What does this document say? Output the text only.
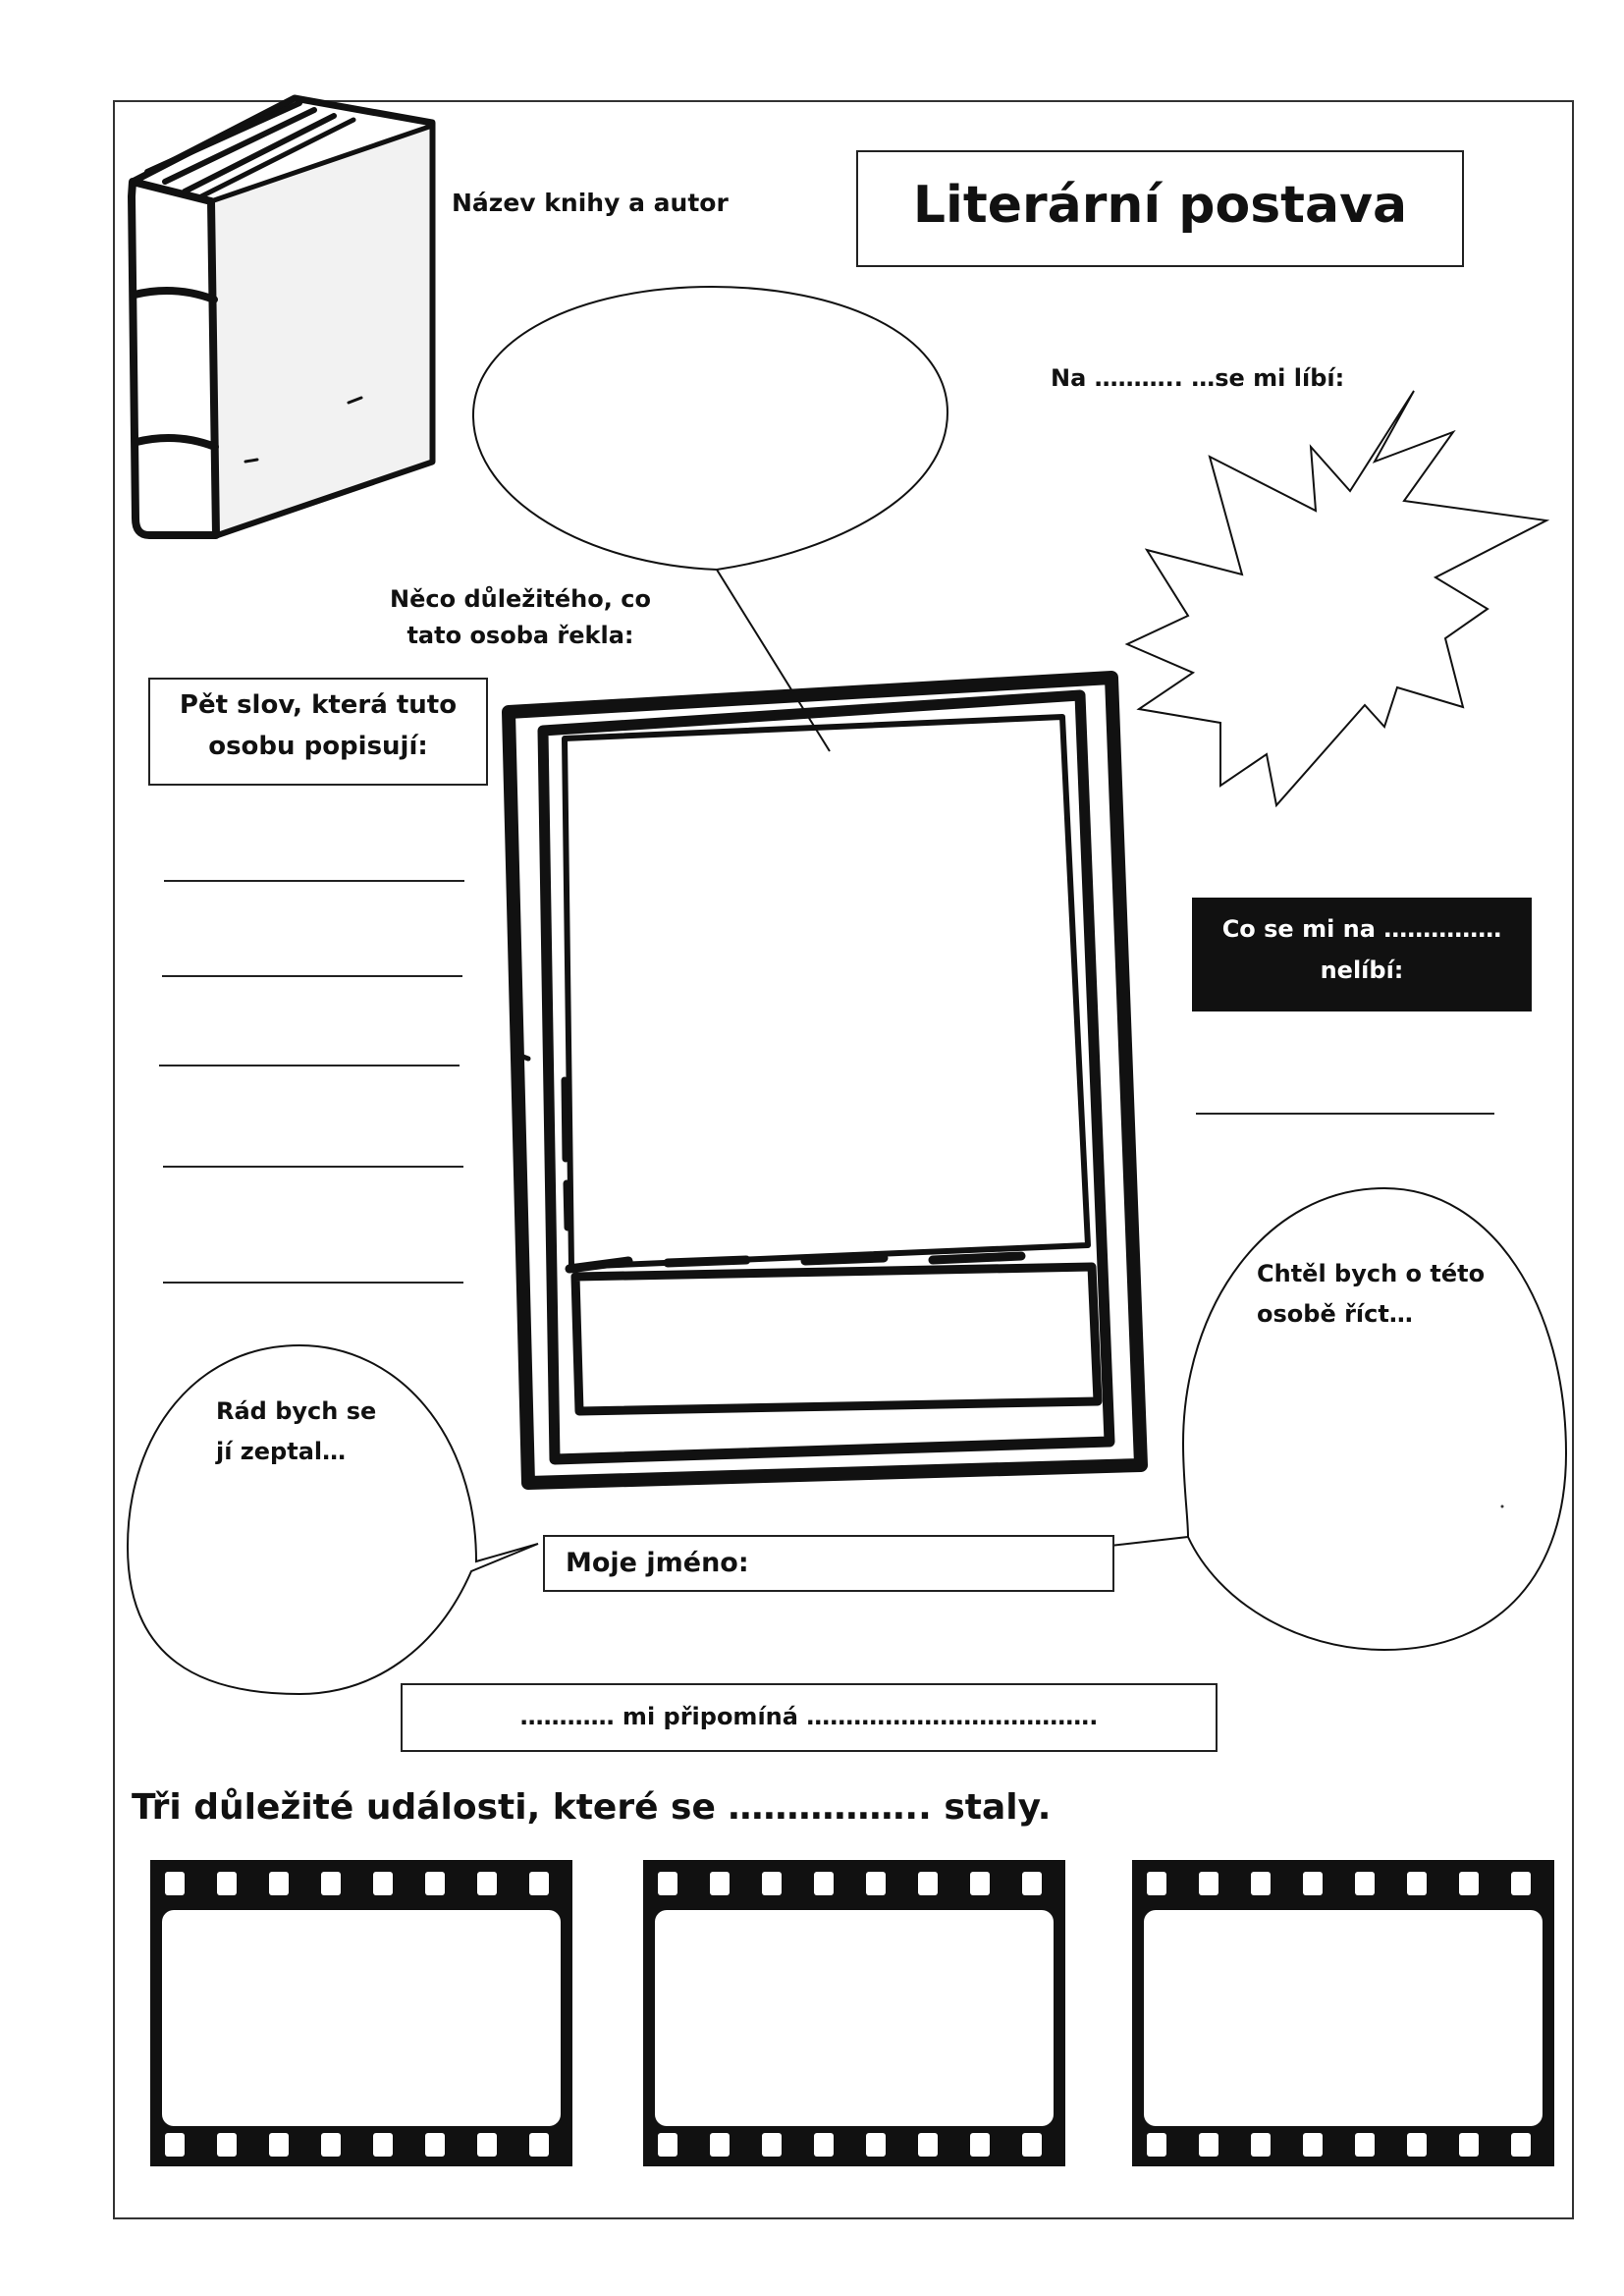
Literární postava
Název knihy a autor
Na ……….. …se mi líbí:
Něco důležitého, co
tato osoba řekla:
Pět slov, která tuto
osobu popisují:
Co se mi na ……………
nelíbí:
Chtěl bych o této
osobě říct…
Rád bych se
jí zeptal…
Moje jméno:
………… mi připomíná ……………………………….
Tři důležité události, které se …………….. staly.
